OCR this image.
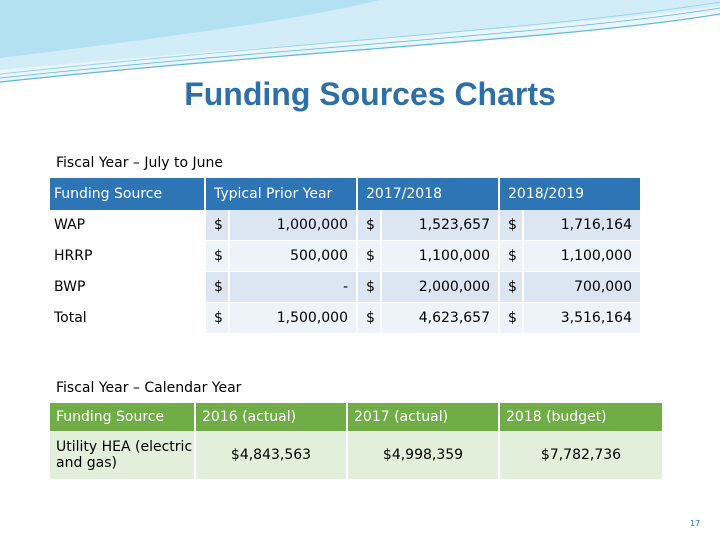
Funding Sources Charts
Fiscal Year – July to June
Funding Source	Typical Prior Year		2017/2018		2018/2019	
WAP	$	1,000,000	$	1,523,657	$	1,716,164
HRRP	$	500,000	$	1,100,000	$	1,100,000
BWP	$	-	$	2,000,000	$	700,000
Total	$	1,500,000	$	4,623,657	$	3,516,164
Fiscal Year – Calendar Year
Funding Source	2016 (actual)	2017 (actual)	2018 (budget)
Utility HEA (electric and gas)	$4,843,563	$4,998,359	$7,782,736
17
